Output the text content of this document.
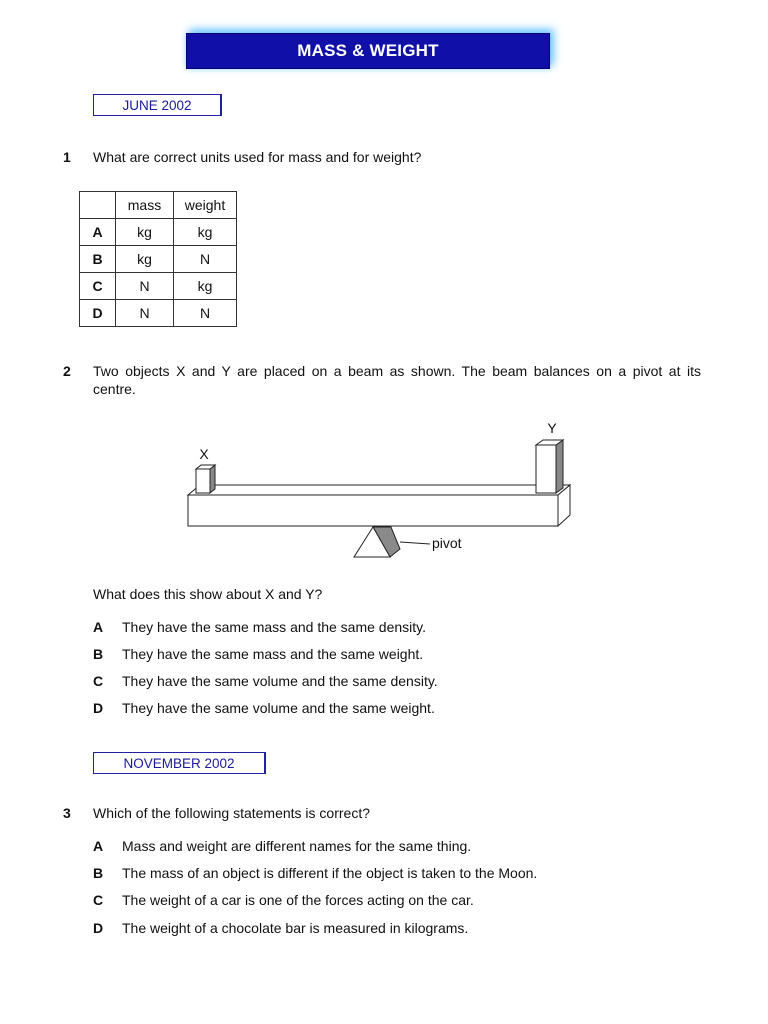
MASS & WEIGHT
JUNE 2002
1 What are correct units used for mass and for weight?
	mass	weight
A	kg	kg
B	kg	N
C	N	kg
D	N	N
2 Two objects X and Y are placed on a beam as shown. The beam balances on a pivot at its
centre.
X
Y
pivot
What does this show about X and Y?
A They have the same mass and the same density.
B They have the same mass and the same weight.
C They have the same volume and the same density.
D They have the same volume and the same weight.
NOVEMBER 2002
3 Which of the following statements is correct?
A Mass and weight are different names for the same thing.
B The mass of an object is different if the object is taken to the Moon.
C The weight of a car is one of the forces acting on the car.
D The weight of a chocolate bar is measured in kilograms.
